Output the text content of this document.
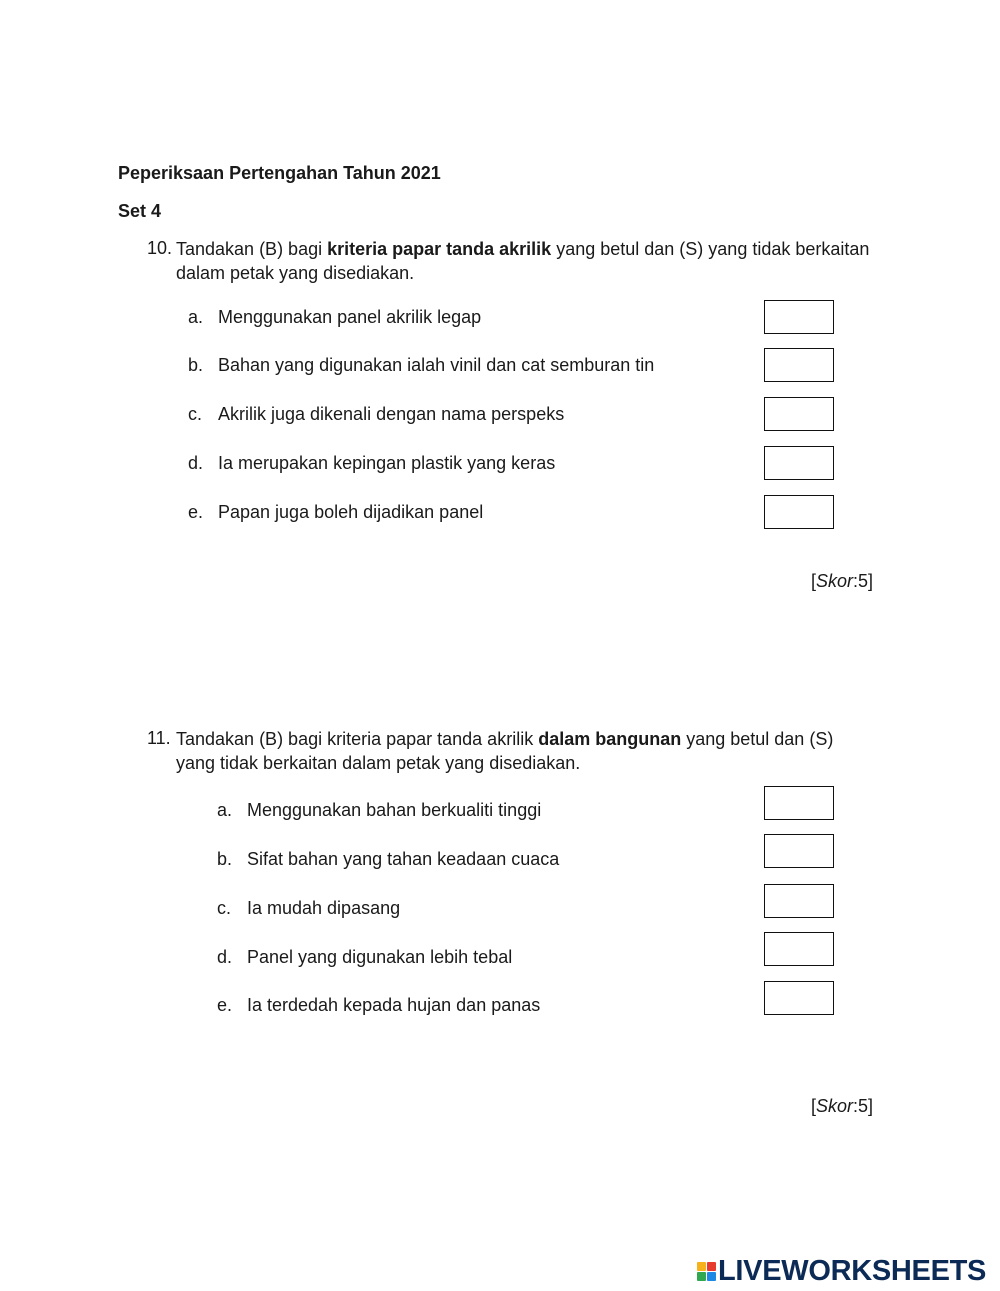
Peperiksaan Pertengahan Tahun 2021
Set 4
10. Tandakan (B) bagi kriteria papar tanda akrilik yang betul dan (S) yang tidak berkaitan dalam petak yang disediakan.
a. Menggunakan panel akrilik legap
b. Bahan yang digunakan ialah vinil dan cat semburan tin
c. Akrilik juga dikenali dengan nama perspeks
d. Ia merupakan kepingan plastik yang keras
e. Papan juga boleh dijadikan panel
[Skor:5]
11. Tandakan (B) bagi kriteria papar tanda akrilik dalam bangunan yang betul dan (S) yang tidak berkaitan dalam petak yang disediakan.
a. Menggunakan bahan berkualiti tinggi
b. Sifat bahan yang tahan keadaan cuaca
c. Ia mudah dipasang
d. Panel yang digunakan lebih tebal
e. Ia terdedah kepada hujan dan panas
[Skor:5]
LIVEWORKSHEETS
